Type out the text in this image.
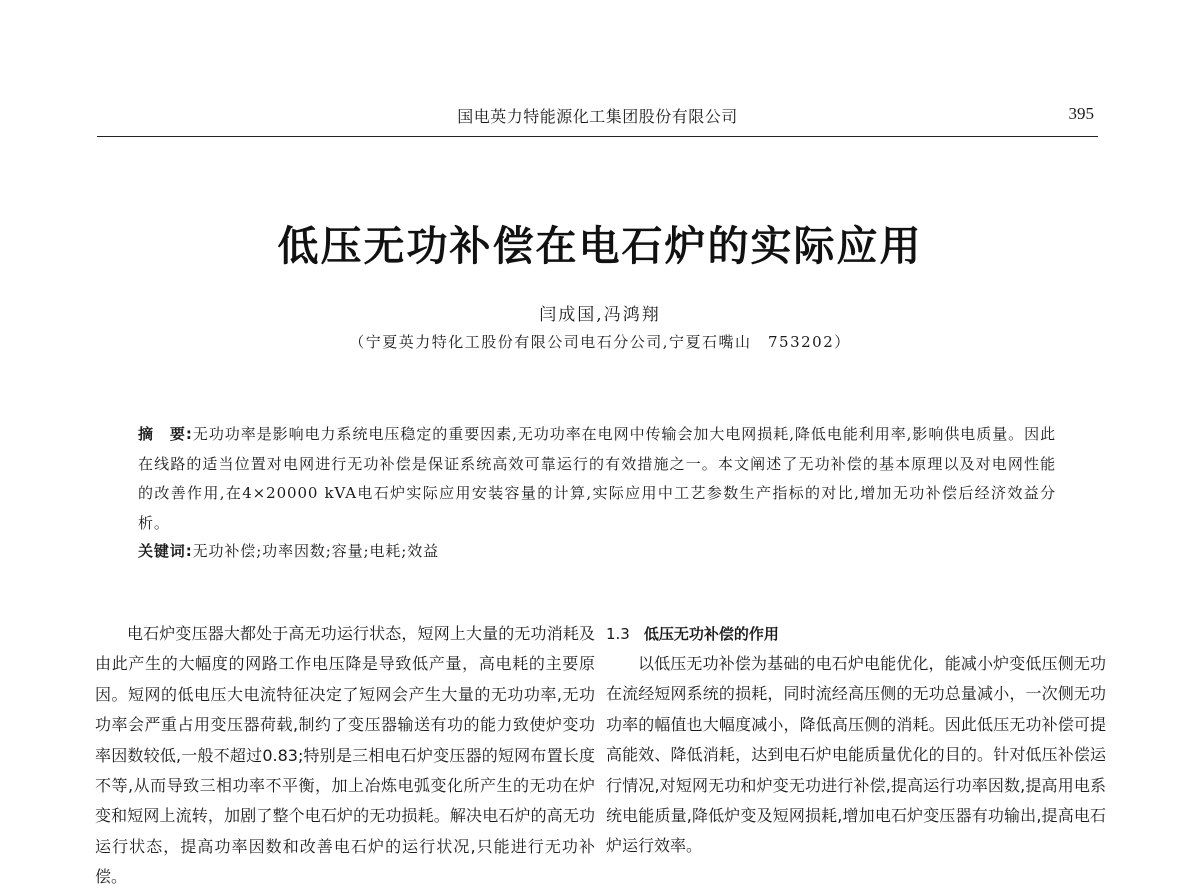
国电英力特能源化工集团股份有限公司	395
低压无功补偿在电石炉的实际应用
闫成国,冯鸿翔
（宁夏英力特化工股份有限公司电石分公司,宁夏石嘴山　753202）
摘　要:无功功率是影响电力系统电压稳定的重要因素,无功功率在电网中传输会加大电网损耗,降低电能利用率,影响供电质量。因此在线路的适当位置对电网进行无功补偿是保证系统高效可靠运行的有效措施之一。本文阐述了无功补偿的基本原理以及对电网性能的改善作用,在4×20000 kVA电石炉实际应用安装容量的计算,实际应用中工艺参数生产指标的对比,增加无功补偿后经济效益分析。
关键词:无功补偿;功率因数;容量;电耗;效益

电石炉变压器大都处于高无功运行状态，短网上大量的无功消耗及由此产生的大幅度的网路工作电压降是导致低产量，高电耗的主要原因。短网的低电压大电流特征决定了短网会产生大量的无功功率,无功功率会严重占用变压器荷载,制约了变压器输送有功的能力致使炉变功率因数较低,一般不超过0.83;特别是三相电石炉变压器的短网布置长度不等,从而导致三相功率不平衡，加上冶炼电弧变化所产生的无功在炉变和短网上流转，加剧了整个电石炉的无功损耗。解决电石炉的高无功运行状态，提高功率因数和改善电石炉的运行状况,只能进行无功补偿。

1.3 低压无功补偿的作用

以低压无功补偿为基础的电石炉电能优化，能减小炉变低压侧无功在流经短网系统的损耗，同时流经高压侧的无功总量减小，一次侧无功功率的幅值也大幅度减小，降低高压侧的消耗。因此低压无功补偿可提高能效、降低消耗，达到电石炉电能质量优化的目的。针对低压补偿运行情况,对短网无功和炉变无功进行补偿,提高运行功率因数,提高用电系统电能质量,降低炉变及短网损耗,增加电石炉变压器有功输出,提高电石炉运行效率。
